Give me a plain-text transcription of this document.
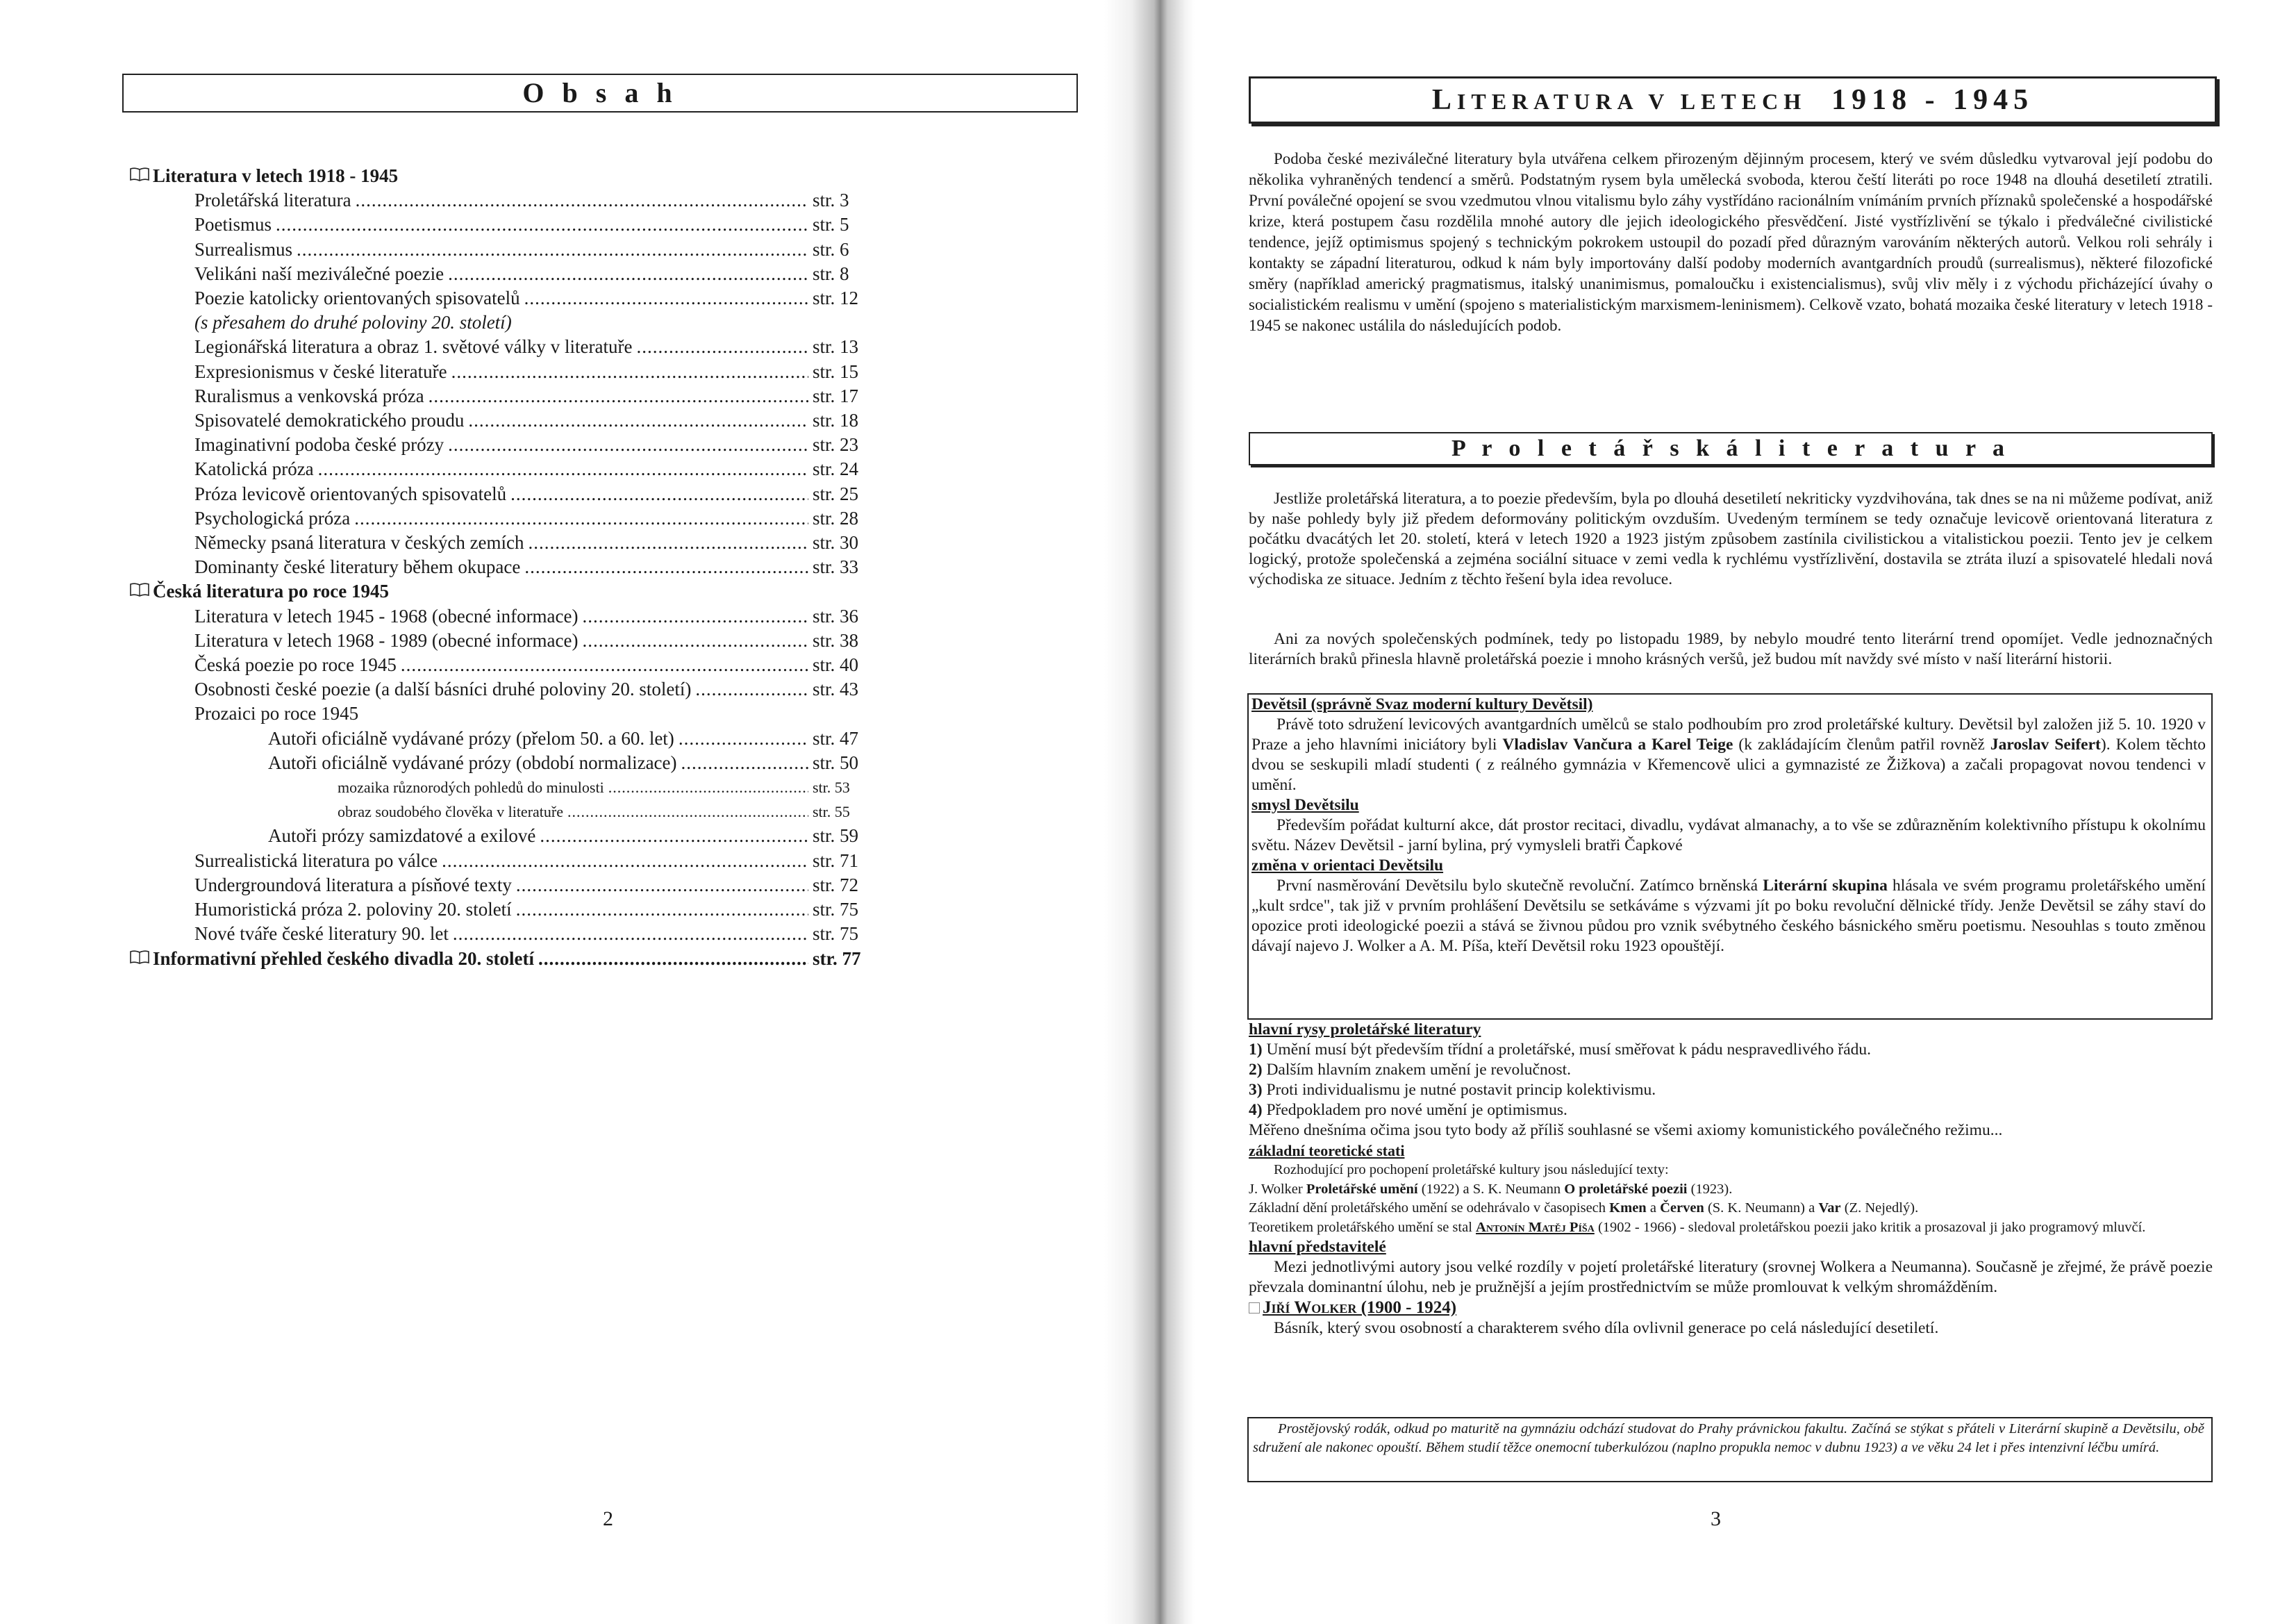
O b s a h
Literatura v letech 1918 - 1945
Proletářská literatura .....	str. 3
Poetismus .....	str. 5
Surrealismus .....	str. 6
Velikáni naší meziválečné poezie .....	str. 8
Poezie katolicky orientovaných spisovatelů .....	str. 12
(s přesahem do druhé poloviny 20. století)
Legionářská literatura a obraz 1. světové války v literatuře .....	str. 13
Expresionismus v české literatuře .....	str. 15
Ruralismus a venkovská próza .....	str. 17
Spisovatelé demokratického proudu .....	str. 18
Imaginativní podoba české prózy .....	str. 23
Katolická próza .....	str. 24
Próza levicově orientovaných spisovatelů .....	str. 25
Psychologická próza .....	str. 28
Německy psaná literatura v českých zemích .....	str. 30
Dominanty české literatury během okupace .....	str. 33
Česká literatura po roce 1945
Literatura v letech 1945 - 1968 (obecné informace) .....	str. 36
Literatura v letech 1968 - 1989 (obecné informace) .....	str. 38
Česká poezie po roce 1945 .....	str. 40
Osobnosti české poezie (a další básníci druhé poloviny 20. století) .....	str. 43
Prozaici po roce 1945
Autoři oficiálně vydávané prózy (přelom 50. a 60. let) .....	str. 47
Autoři oficiálně vydávané prózy (období normalizace) .....	str. 50
mozaika různorodých pohledů do minulosti .....	str. 53
obraz soudobého člověka v literatuře .....	str. 55
Autoři prózy samizdatové a exilové .....	str. 59
Surrealistická literatura po válce .....	str. 71
Undergroundová literatura a písňové texty .....	str. 72
Humoristická próza 2. poloviny 20. století .....	str. 75
Nové tváře české literatury 90. let .....	str. 75
Informativní přehled českého divadla 20. století .....	str. 77
2
LITERATURA V LETECH 1918 - 1945

Podoba české meziválečné literatury byla utvářena celkem přirozeným dějinným procesem, který ve svém důsledku vytvaroval její podobu do několika vyhraněných tendencí a směrů. Podstatným rysem byla umělecká svoboda, kterou čeští literáti po roce 1948 na dlouhá desetiletí ztratili. První poválečné opojení se svou vzedmutou vlnou vitalismu bylo záhy vystřídáno racionálním vnímáním prvních příznaků společenské a hospodářské krize, která postupem času rozdělila mnohé autory dle jejich ideologického přesvědčení. Jisté vystřízlivění se týkalo i předválečné civilistické tendence, jejíž optimismus spojený s technickým pokrokem ustoupil do pozadí před důrazným varováním některých autorů. Velkou roli sehrály i kontakty se západní literaturou, odkud k nám byly importovány další podoby moderních avantgardních proudů (surrealismus), některé filozofické směry (například americký pragmatismus, italský unanimismus, pomaloučku i existencialismus), svůj vliv měly i z východu přicházející úvahy o socialistickém realismu v umění (spojeno s materialistickým marxismem-leninismem). Celkově vzato, bohatá mozaika české literatury v letech 1918 - 1945 se nakonec ustálila do následujících podob.

P r o l e t á ř s k á l i t e r a t u r a

Jestliže proletářská literatura, a to poezie především, byla po dlouhá desetiletí nekriticky vyzdvihována, tak dnes se na ni můžeme podívat, aniž by naše pohledy byly již předem deformovány politickým ovzduším. Uvedeným termínem se tedy označuje levicově orientovaná literatura z počátku dvacátých let 20. století, která v letech 1920 a 1923 jistým způsobem zastínila civilistickou a vitalistickou poezii. Tento jev je celkem logický, protože společenská a zejména sociální situace v zemi vedla k rychlému vystřízlivění, dostavila se ztráta iluzí a spisovatelé hledali nová východiska ze situace. Jedním z těchto řešení byla idea revoluce.

Ani za nových společenských podmínek, tedy po listopadu 1989, by nebylo moudré tento literární trend opomíjet. Vedle jednoznačných literárních braků přinesla hlavně proletářská poezie i mnoho krásných veršů, jež budou mít navždy své místo v naší literární historii.

Devětsil (správně Svaz moderní kultury Devětsil)

Právě toto sdružení levicových avantgardních umělců se stalo podhoubím pro zrod proletářské kultury. Devětsil byl založen již 5. 10. 1920 v Praze a jeho hlavními iniciátory byli Vladislav Vančura a Karel Teige (k zakládajícím členům patřil rovněž Jaroslav Seifert). Kolem těchto dvou se seskupili mladí studenti ( z reálného gymnázia v Křemencově ulici a gymnazisté ze Žižkova) a začali propagovat novou tendenci v umění.

smysl Devětsilu

Především pořádat kulturní akce, dát prostor recitaci, divadlu, vydávat almanachy, a to vše se zdůrazněním kolektivního přístupu k okolnímu světu. Název Devětsil - jarní bylina, prý vymysleli bratři Čapkové

změna v orientaci Devětsilu

První nasměrování Devětsilu bylo skutečně revoluční. Zatímco brněnská Literární skupina hlásala ve svém programu proletářského umění „kult srdce", tak již v prvním prohlášení Devětsilu se setkáváme s výzvami jít po boku revoluční dělnické třídy. Jenže Devětsil se záhy staví do opozice proti ideologické poezii a stává se živnou půdou pro vznik svébytného českého básnického směru poetismu. Nesouhlas s touto změnou dávají najevo J. Wolker a A. M. Píša, kteří Devětsil roku 1923 opouštějí.

hlavní rysy proletářské literatury

1) Umění musí být především třídní a proletářské, musí směřovat k pádu nespravedlivého řádu.

2) Dalším hlavním znakem umění je revolučnost.

3) Proti individualismu je nutné postavit princip kolektivismu.

4) Předpokladem pro nové umění je optimismus.

Měřeno dnešníma očima jsou tyto body až příliš souhlasné se všemi axiomy komunistického poválečného režimu...

základní teoretické stati

Rozhodující pro pochopení proletářské kultury jsou následující texty:

J. Wolker Proletářské umění (1922) a S. K. Neumann O proletářské poezii (1923).

Základní dění proletářského umění se odehrávalo v časopisech Kmen a Červen (S. K. Neumann) a Var (Z. Nejedlý).

Teoretikem proletářského umění se stal Antonín Matěj Píša (1902 - 1966) - sledoval proletářskou poezii jako kritik a prosazoval ji jako programový mluvčí.

hlavní představitelé

Mezi jednotlivými autory jsou velké rozdíly v pojetí proletářské literatury (srovnej Wolkera a Neumanna). Současně je zřejmé, že právě poezie převzala dominantní úlohu, neb je pružnější a jejím prostřednictvím se může promlouvat k velkým shromážděním.

Jiří Wolker (1900 - 1924)

Básník, který svou osobností a charakterem svého díla ovlivnil generace po celá následující desetiletí.

Prostějovský rodák, odkud po maturitě na gymnáziu odchází studovat do Prahy právnickou fakultu. Začíná se stýkat s přáteli v Literární skupině a Devětsilu, obě sdružení ale nakonec opouští. Během studií těžce onemocní tuberkulózou (naplno propukla nemoc v dubnu 1923) a ve věku 24 let i přes intenzivní léčbu umírá.

3
